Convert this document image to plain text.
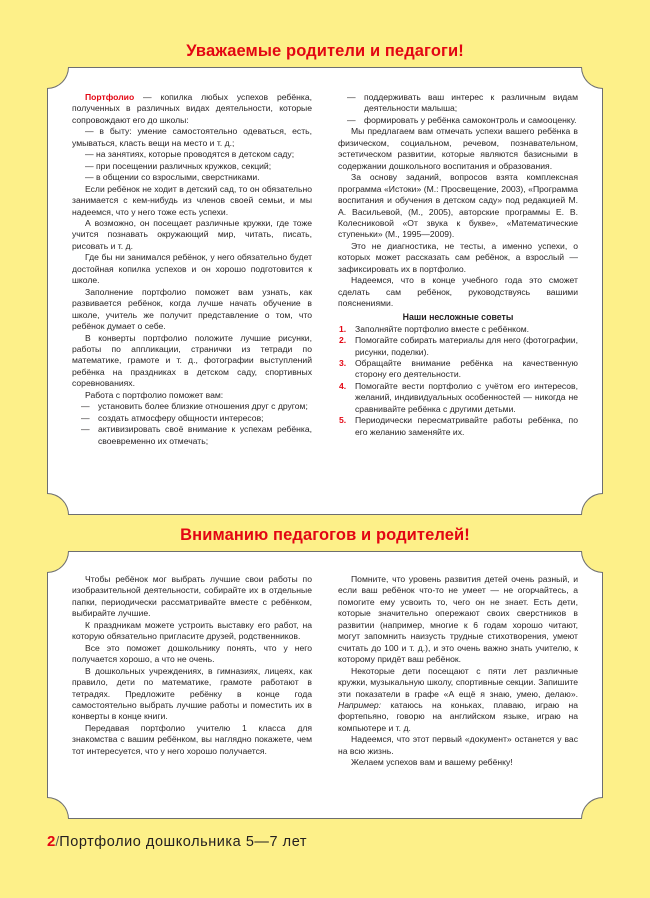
Уважаемые родители и педагоги!

Портфолио — копилка любых успехов ребёнка, полученных в различных видах деятельности, которые сопровождают его до школы:

— в быту: умение самостоятельно одеваться, есть, умываться, класть вещи на место и т. д.;

— на занятиях, которые проводятся в детском саду;

— при посещении различных кружков, секций;

— в общении со взрослыми, сверстниками.

Если ребёнок не ходит в детский сад, то он обязательно занимается с кем-нибудь из членов своей семьи, и мы надеемся, что у него тоже есть успехи.

А возможно, он посещает различные кружки, где тоже учится познавать окружающий мир, читать, писать, рисовать и т. д.

Где бы ни занимался ребёнок, у него обязательно будет достойная копилка успехов и он хорошо подготовится к школе.

Заполнение портфолио поможет вам узнать, как развивается ребёнок, когда лучше начать обучение в школе, учитель же получит представление о том, что ребёнок думает о себе.

В конверты портфолио положите лучшие рисунки, работы по аппликации, странички из тетради по математике, грамоте и т. д., фотографии выступлений ребёнка на праздниках в детском саду, спортивных соревнованиях.

Работа с портфолио поможет вам:

— установить более близкие отношения друг с другом;
— создать атмосферу общности интересов;
— активизировать своё внимание к успехам ребёнка, своевременно их отмечать;
— поддерживать ваш интерес к различным видам деятельности малыша;
— формировать у ребёнка самоконтроль и самооценку.

Мы предлагаем вам отмечать успехи вашего ребёнка в физическом, социальном, речевом, познавательном, эстетическом развитии, которые являются базисными в содержании дошкольного воспитания и образования.

За основу заданий, вопросов взята комплексная программа «Истоки» (М.: Просвещение, 2003), «Программа воспитания и обучения в детском саду» под редакцией М. А. Васильевой, (М., 2005), авторские программы Е. В. Колесниковой «От звука к букве», «Математические ступеньки» (М., 1995—2009).

Это не диагностика, не тесты, а именно успехи, о которых может рассказать сам ребёнок, а взрослый — зафиксировать их в портфолио.

Надеемся, что в конце учебного года это сможет сделать сам ребёнок, руководствуясь вашими пояснениями.

Наши несложные советы
Заполняйте портфолио вместе с ребёнком.
Помогайте собирать материалы для него (фотографии, рисунки, поделки).
Обращайте внимание ребёнка на качественную сторону его деятельности.
Помогайте вести портфолио с учётом его интересов, желаний, индивидуальных особенностей — никогда не сравнивайте ребёнка с другими детьми.
Периодически пересматривайте работы ребёнка, по его желанию заменяйте их.
Вниманию педагогов и родителей!

Чтобы ребёнок мог выбрать лучшие свои работы по изобразительной деятельности, собирайте их в отдельные папки, периодически рассматривайте вместе с ребёнком, выбирайте лучшие.

К праздникам можете устроить выставку его работ, на которую обязательно пригласите друзей, родственников.

Все это поможет дошкольнику понять, что у него получается хорошо, а что не очень.

В дошкольных учреждениях, в гимназиях, лицеях, как правило, дети по математике, грамоте работают в тетрадях. Предложите ребёнку в конце года самостоятельно выбрать лучшие работы и поместить их в конверты в конце книги.

Передавая портфолио учителю 1 класса для знакомства с вашим ребёнком, вы наглядно покажете, чем тот интересуется, что у него хорошо получается.

Помните, что уровень развития детей очень разный, и если ваш ребёнок что-то не умеет — не огорчайтесь, а помогите ему усвоить то, чего он не знает. Есть дети, которые значительно опережают своих сверстников в развитии (например, многие к 6 годам хорошо читают, могут запомнить наизусть трудные стихотворения, умеют считать до 100 и т. д.), и это очень важно знать учителю, к которому придёт ваш ребёнок.

Некоторые дети посещают с пяти лет различные кружки, музыкальную школу, спортивные секции. Запишите эти показатели в графе «А ещё я знаю, умею, делаю». Например: катаюсь на коньках, плаваю, играю на фортепьяно, говорю на английском языке, играю на компьютере и т. д.

Надеемся, что этот первый «документ» останется у вас на всю жизнь.

Желаем успехов вам и вашему ребёнку!

2/Портфолио дошкольника 5—7 лет
